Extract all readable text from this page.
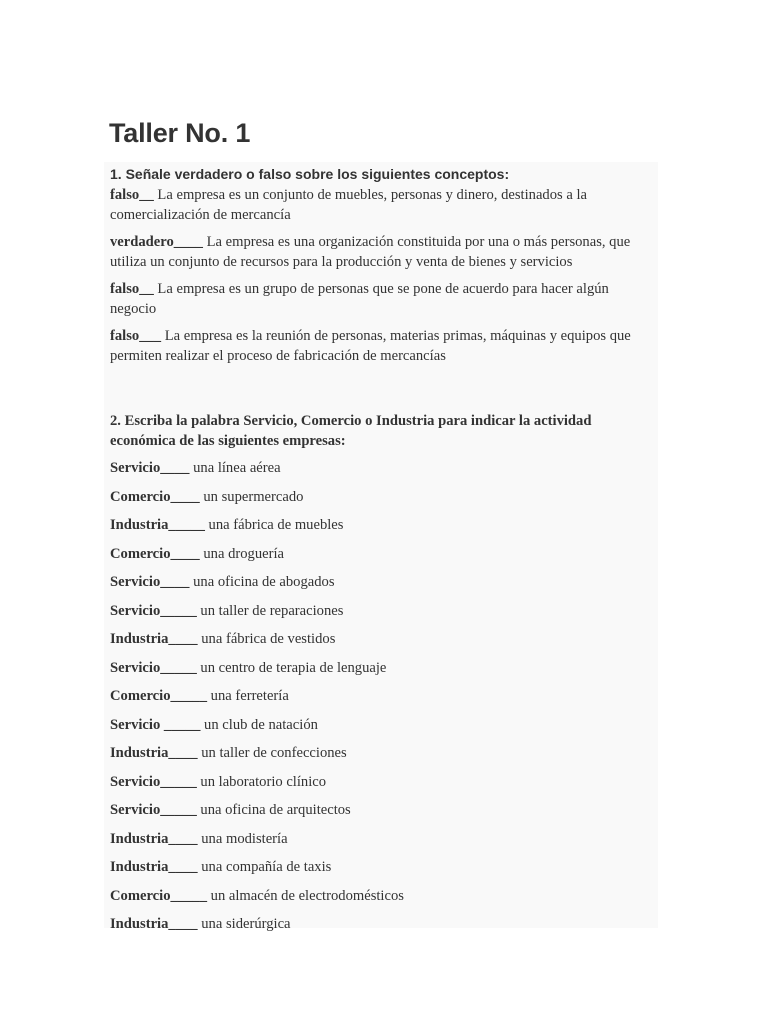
Taller No. 1

1. Señale verdadero o falso sobre los siguientes conceptos:

falso__ La empresa es un conjunto de muebles, personas y dinero, destinados a la comercialización de mercancía

verdadero____ La empresa es una organización constituida por una o más personas, que utiliza un conjunto de recursos para la producción y venta de bienes y servicios

falso__ La empresa es un grupo de personas que se pone de acuerdo para hacer algún negocio

falso___ La empresa es la reunión de personas, materias primas, máquinas y equipos que permiten realizar el proceso de fabricación de mercancías

2. Escriba la palabra Servicio, Comercio o Industria para indicar la actividad económica de las siguientes empresas:

Servicio____ una línea aérea
Comercio____ un supermercado
Industria_____ una fábrica de muebles
Comercio____ una droguería
Servicio____ una oficina de abogados
Servicio_____ un taller de reparaciones
Industria____ una fábrica de vestidos
Servicio_____ un centro de terapia de lenguaje
Comercio_____ una ferretería
Servicio _____ un club de natación
Industria____ un taller de confecciones
Servicio_____ un laboratorio clínico
Servicio_____ una oficina de arquitectos
Industria____ una modistería
Industria____ una compañía de taxis
Comercio_____ un almacén de electrodomésticos
Industria____ una siderúrgica
